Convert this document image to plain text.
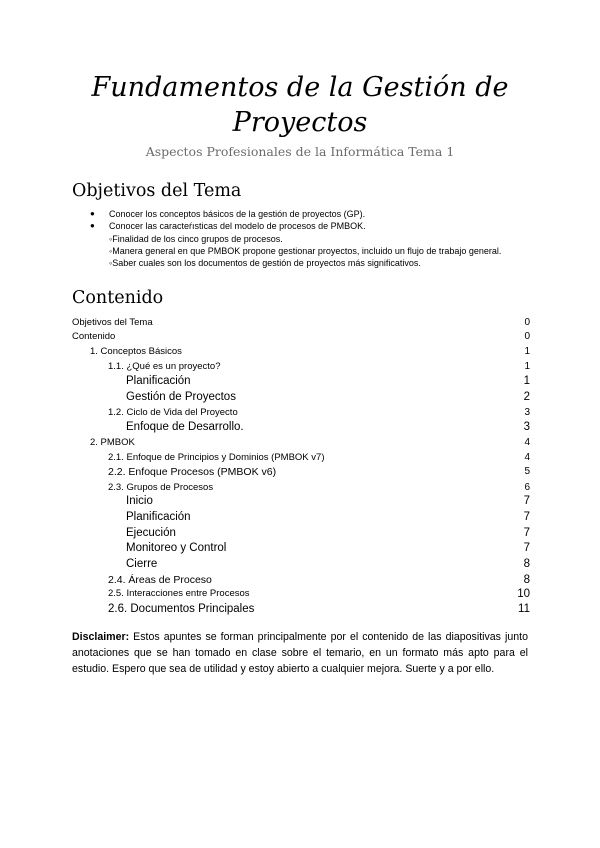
Fundamentos de la Gestión de
Proyectos

Aspectos Profesionales de la Informática Tema 1

Objetivos del Tema
● Conocer los conceptos básicos de la gestión de proyectos (GP).
● Conocer las caracteŕısticas del modelo de procesos de PMBOK.
◦Finalidad de los cinco grupos de procesos.
◦Manera general en que PMBOK propone gestionar proyectos, incluido un flujo de trabajo general.
◦Saber cuales son los documentos de gestión de proyectos más significativos.
Contenido
Objetivos del Tema	0
Contenido	0
1. Conceptos Básicos	1
1.1. ¿Qué es un proyecto?	1
Planificación	1
Gestión de Proyectos	2
1.2. Ciclo de Vida del Proyecto	3
Enfoque de Desarrollo.	3
2. PMBOK	4
2.1. Enfoque de Principios y Dominios (PMBOK v7)	4
2.2. Enfoque Procesos (PMBOK v6)	5
2.3. Grupos de Procesos	6
Inicio	7
Planificación	7
Ejecución	7
Monitoreo y Control	7
Cierre	8
2.4. Áreas de Proceso	8
2.5. Interacciones entre Procesos	10
2.6. Documentos Principales	11

Disclaimer: Estos apuntes se forman principalmente por el contenido de las diapositivas junto anotaciones que se han tomado en clase sobre el temario, en un formato más apto para el estudio. Espero que sea de utilidad y estoy abierto a cualquier mejora. Suerte y a por ello.
